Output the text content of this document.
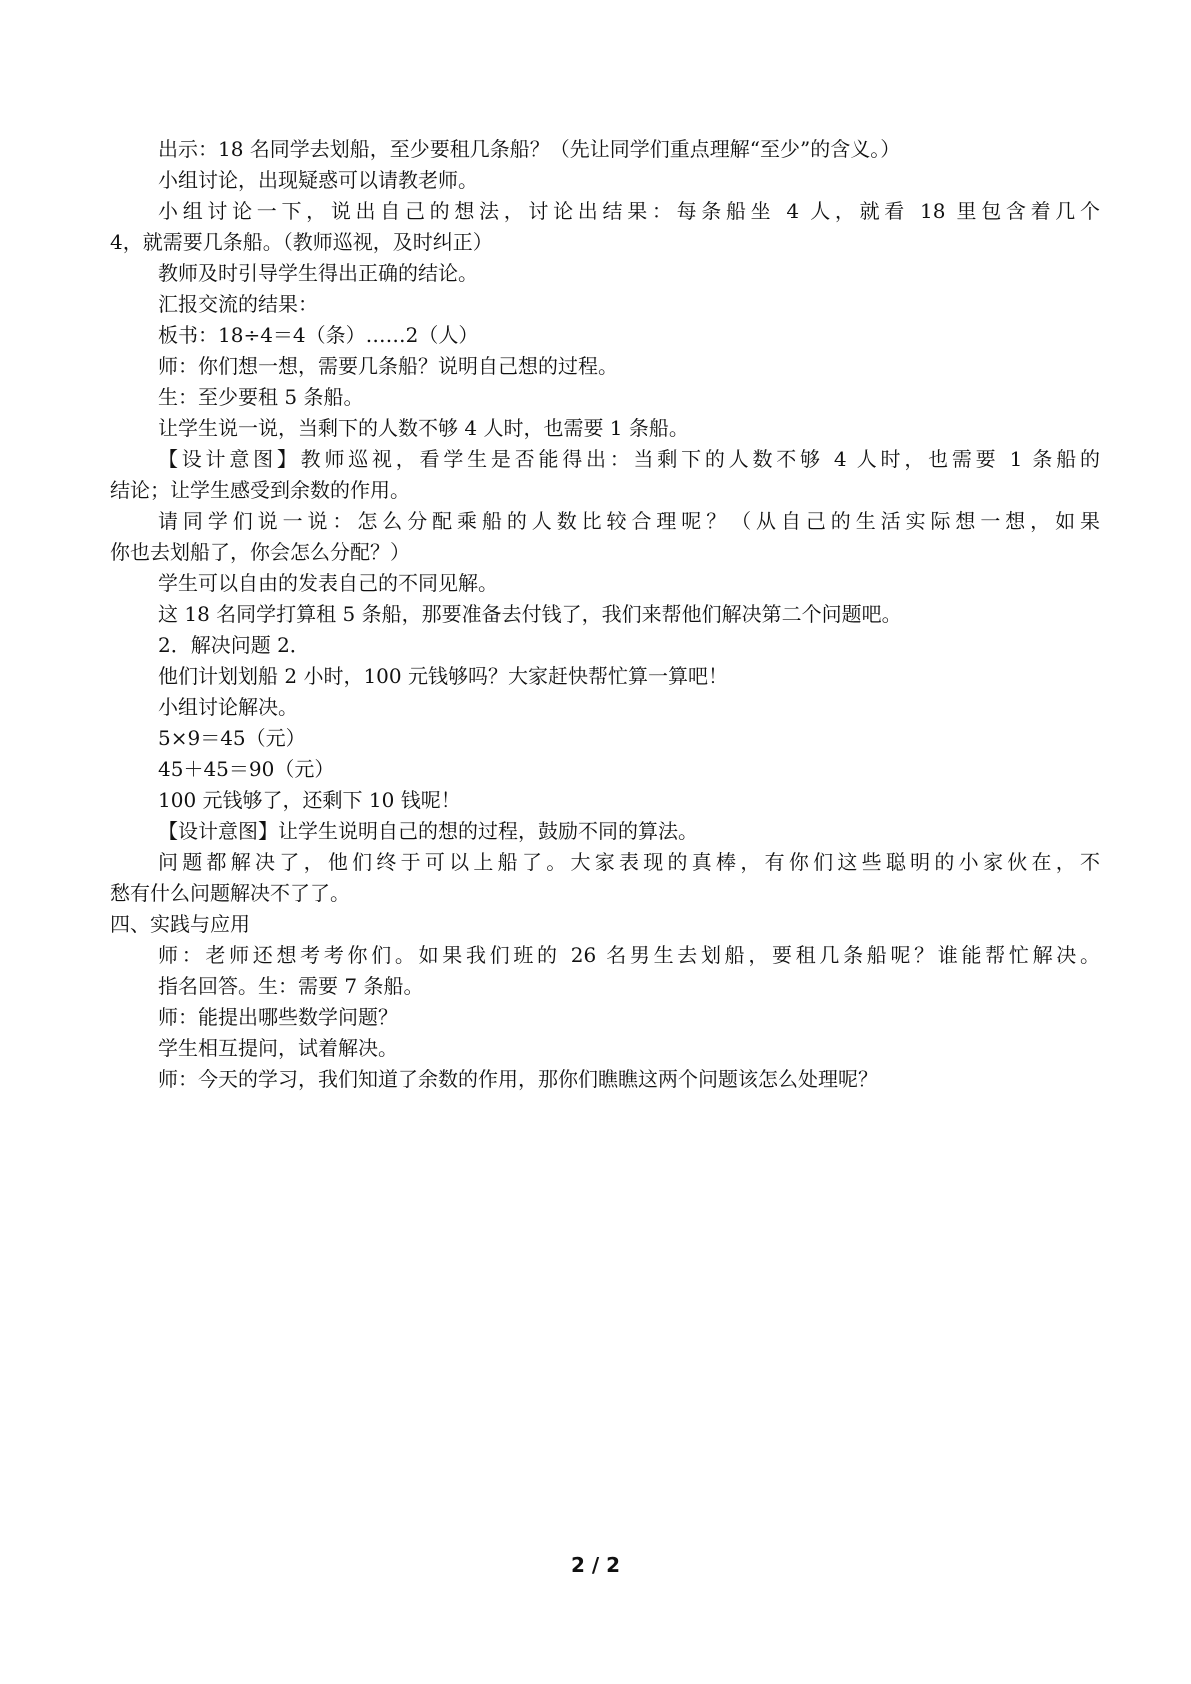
出示：18 名同学去划船，至少要租几条船？（先让同学们重点理解“至少”的含义。）
小组讨论，出现疑惑可以请教老师。
小组讨论一下，说出自己的想法，讨论出结果：每条船坐 4 人，就看 18 里包含着几个
4，就需要几条船。（教师巡视，及时纠正）
教师及时引导学生得出正确的结论。
汇报交流的结果：
板书：18÷4＝4（条）……2（人）
师：你们想一想，需要几条船？说明自己想的过程。
生：至少要租 5 条船。
让学生说一说，当剩下的人数不够 4 人时，也需要 1 条船。
【设计意图】教师巡视，看学生是否能得出：当剩下的人数不够 4 人时，也需要 1 条船的
结论；让学生感受到余数的作用。
请同学们说一说：怎么分配乘船的人数比较合理呢？（从自己的生活实际想一想，如果
你也去划船了，你会怎么分配？）
学生可以自由的发表自己的不同见解。
这 18 名同学打算租 5 条船，那要准备去付钱了，我们来帮他们解决第二个问题吧。
2．解决问题 2．
他们计划划船 2 小时，100 元钱够吗？大家赶快帮忙算一算吧！
小组讨论解决。
5×9＝45（元）
45＋45＝90（元）
100 元钱够了，还剩下 10 钱呢！
【设计意图】让学生说明自己的想的过程，鼓励不同的算法。
问题都解决了，他们终于可以上船了。大家表现的真棒，有你们这些聪明的小家伙在，不
愁有什么问题解决不了了。
四、实践与应用
师：老师还想考考你们。如果我们班的 26 名男生去划船，要租几条船呢？谁能帮忙解决。
指名回答。生：需要 7 条船。
师：能提出哪些数学问题？
学生相互提问，试着解决。
师：今天的学习，我们知道了余数的作用，那你们瞧瞧这两个问题该怎么处理呢？
2 / 2
